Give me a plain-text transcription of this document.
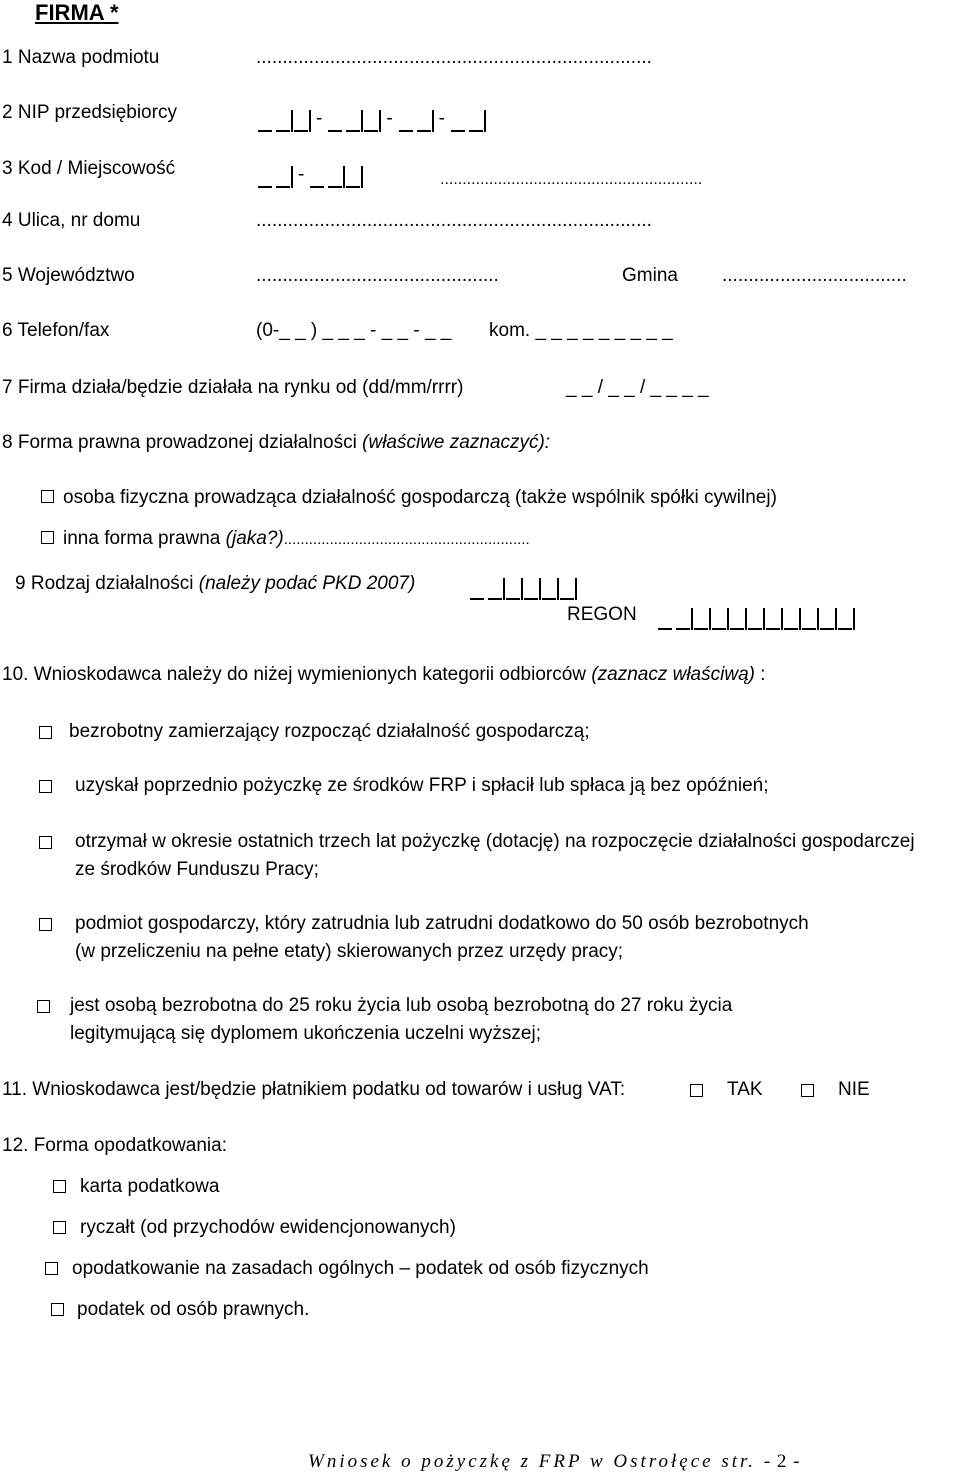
FIRMA *
1 Nazwa podmiotu	...........................................................................
2 NIP przedsiębiorcy	-	- -
3 Kod / Miejscowość	-	...........................................................
4 Ulica, nr domu	...........................................................................
5 Województwo	..............................................	Gmina ...................................
6 Telefon/fax	(0-_ _ ) _ _ _ - _ _ - _ _ kom. _ _ _ _ _ _ _ _ _
7 Firma działa/będzie działała na rynku od (dd/mm/rrrr)	_ _ / _ _ / _ _ _ _
8 Forma prawna prowadzonej działalności (właściwe zaznaczyć):
osoba fizyczna prowadząca działalność gospodarczą (także wspólnik spółki cywilnej)
inna forma prawna (jaka?)...........................................................
9 Rodzaj działalności (należy podać PKD 2007)
REGON
10. Wnioskodawca należy do niżej wymienionych kategorii odbiorców (zaznacz właściwą) :
bezrobotny zamierzający rozpocząć działalność gospodarczą;
uzyskał poprzednio pożyczkę ze środków FRP i spłacił lub spłaca ją bez opóźnień;
otrzymał w okresie ostatnich trzech lat pożyczkę (dotację) na rozpoczęcie działalności gospodarczej
ze środków Funduszu Pracy;
podmiot gospodarczy, który zatrudnia lub zatrudni dodatkowo do 50 osób bezrobotnych
(w przeliczeniu na pełne etaty) skierowanych przez urzędy pracy;
jest osobą bezrobotna do 25 roku życia lub osobą bezrobotną do 27 roku życia
legitymującą się dyplomem ukończenia uczelni wyższej;
11. Wnioskodawca jest/będzie płatnikiem podatku od towarów i usług VAT:	TAK	NIE
12. Forma opodatkowania:
karta podatkowa
ryczałt (od przychodów ewidencjonowanych)
opodatkowanie na zasadach ogólnych – podatek od osób fizycznych
podatek od osób prawnych.
Wniosek o pożyczkę z FRP w Ostrołęce str. - 2 -
